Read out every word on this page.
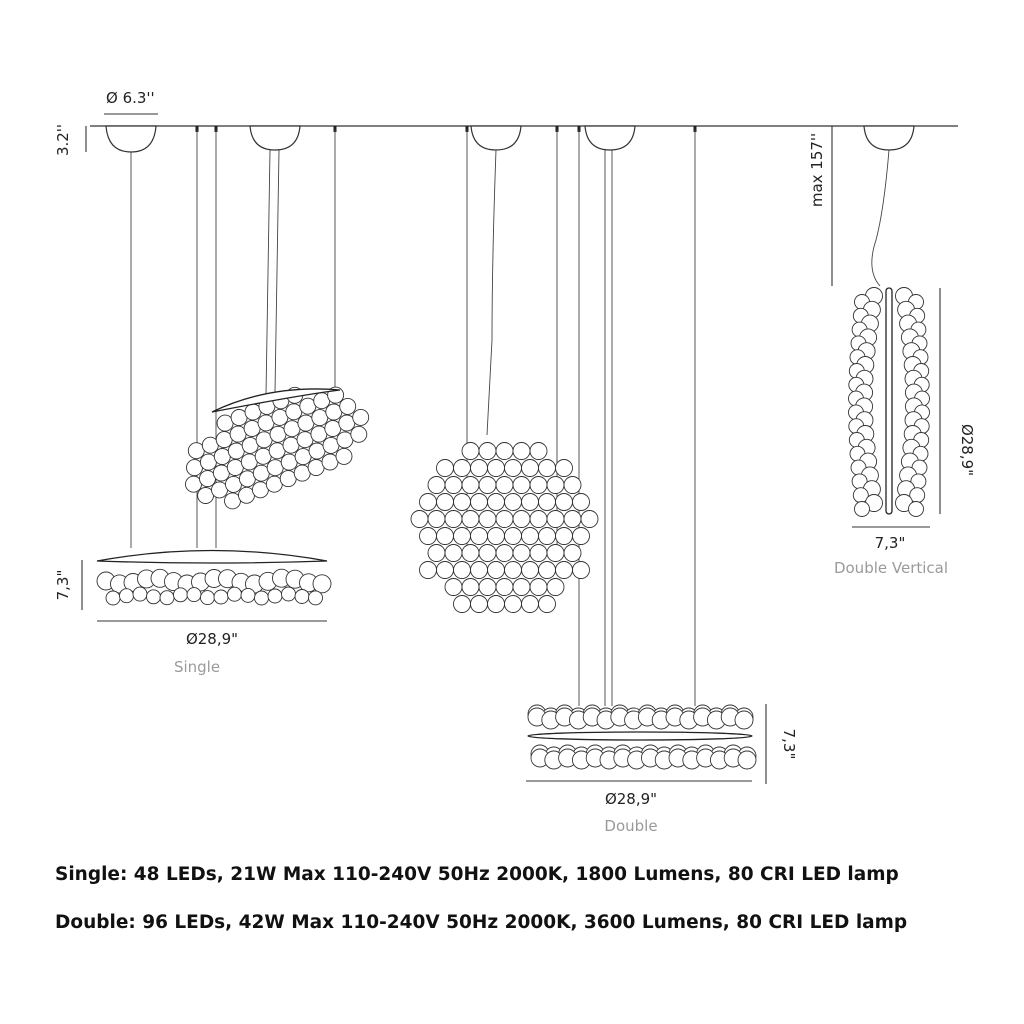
Ø 6.3''
3.2''
7,3"
Ø28,9"
Single
max 157''
Ø28,9"
7,3"
Double Vertical
7,3"
Ø28,9"
Double
Single: 48 LEDs, 21W Max 110-240V 50Hz 2000K, 1800 Lumens, 80 CRI LED lamp
Double: 96 LEDs, 42W Max 110-240V 50Hz 2000K, 3600 Lumens, 80 CRI LED lamp
